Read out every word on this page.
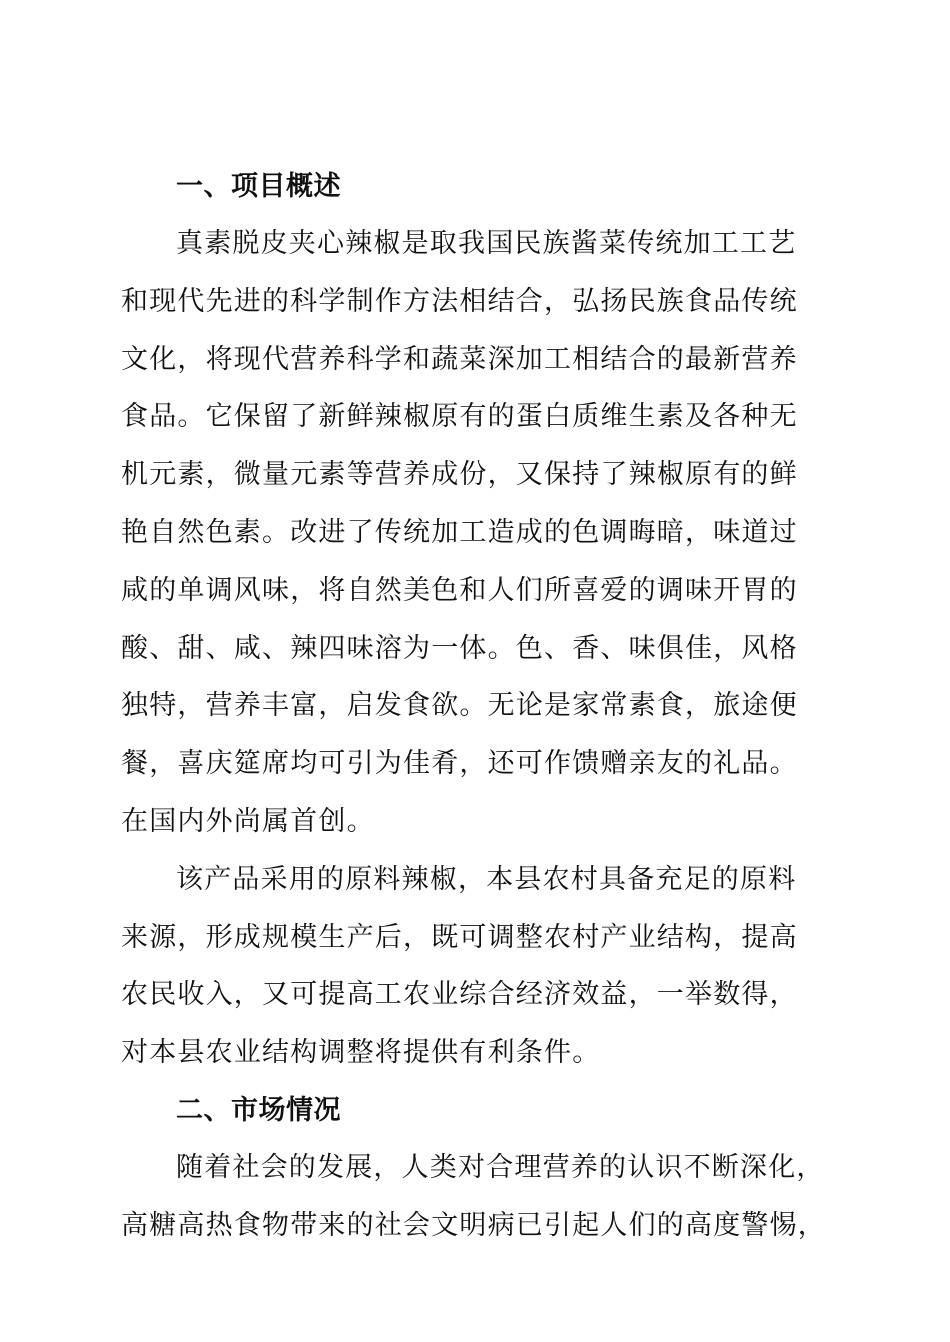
一、项目概述

真素脱皮夹心辣椒是取我国民族酱菜传统加工工艺
和现代先进的科学制作方法相结合，弘扬民族食品传统
文化，将现代营养科学和蔬菜深加工相结合的最新营养
食品。它保留了新鲜辣椒原有的蛋白质维生素及各种无
机元素，微量元素等营养成份，又保持了辣椒原有的鲜
艳自然色素。改进了传统加工造成的色调晦暗，味道过
咸的单调风味，将自然美色和人们所喜爱的调味开胃的
酸、甜、咸、辣四味溶为一体。色、香、味俱佳，风格
独特，营养丰富，启发食欲。无论是家常素食，旅途便
餐，喜庆筵席均可引为佳肴，还可作馈赠亲友的礼品。
在国内外尚属首创。

该产品采用的原料辣椒，本县农村具备充足的原料
来源，形成规模生产后，既可调整农村产业结构，提高
农民收入，又可提高工农业综合经济效益，一举数得，
对本县农业结构调整将提供有利条件。

二、市场情况

随着社会的发展，人类对合理营养的认识不断深化，
高糖高热食物带来的社会文明病已引起人们的高度警惕，
